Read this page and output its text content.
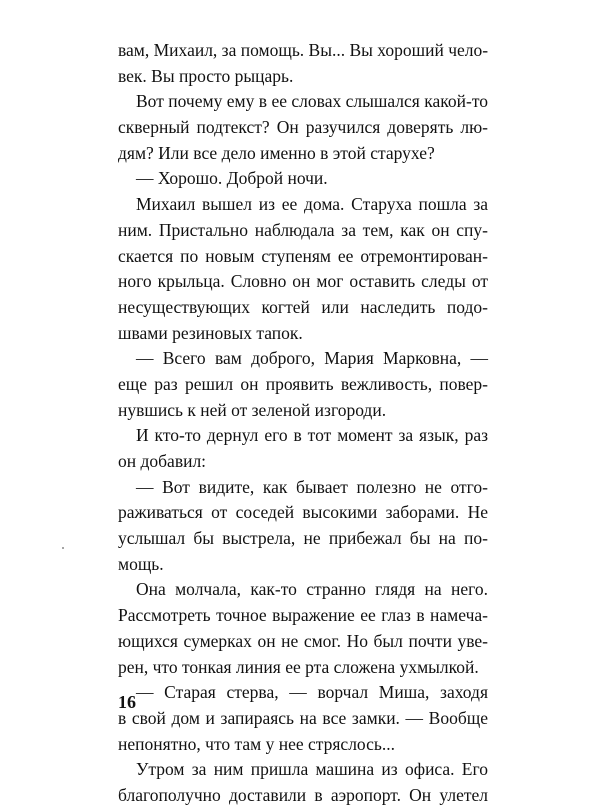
вам, Михаил, за помощь. Вы... Вы хороший чело-
век. Вы просто рыцарь.
Вот почему ему в ее словах слышался какой-то
скверный подтекст? Он разучился доверять лю-
дям? Или все дело именно в этой старухе?
— Хорошо. Доброй ночи.
Михаил вышел из ее дома. Старуха пошла за
ним. Пристально наблюдала за тем, как он спу-
скается по новым ступеням ее отремонтирован-
ного крыльца. Словно он мог оставить следы от
несуществующих когтей или наследить подо-
швами резиновых тапок.
— Всего вам доброго, Мария Марковна, —
еще раз решил он проявить вежливость, повер-
нувшись к ней от зеленой изгороди.
И кто-то дернул его в тот момент за язык, раз
он добавил:
— Вот видите, как бывает полезно не отго-
раживаться от соседей высокими заборами. Не
услышал бы выстрела, не прибежал бы на по-
мощь.
Она молчала, как-то странно глядя на него.
Рассмотреть точное выражение ее глаз в намеча-
ющихся сумерках он не смог. Но был почти уве-
рен, что тонкая линия ее рта сложена ухмылкой.
— Старая стерва, — ворчал Миша, заходя
в свой дом и запираясь на все замки. — Вообще
непонятно, что там у нее стряслось...
Утром за ним пришла машина из офиса. Его
благополучно доставили в аэропорт. Он улетел
16
